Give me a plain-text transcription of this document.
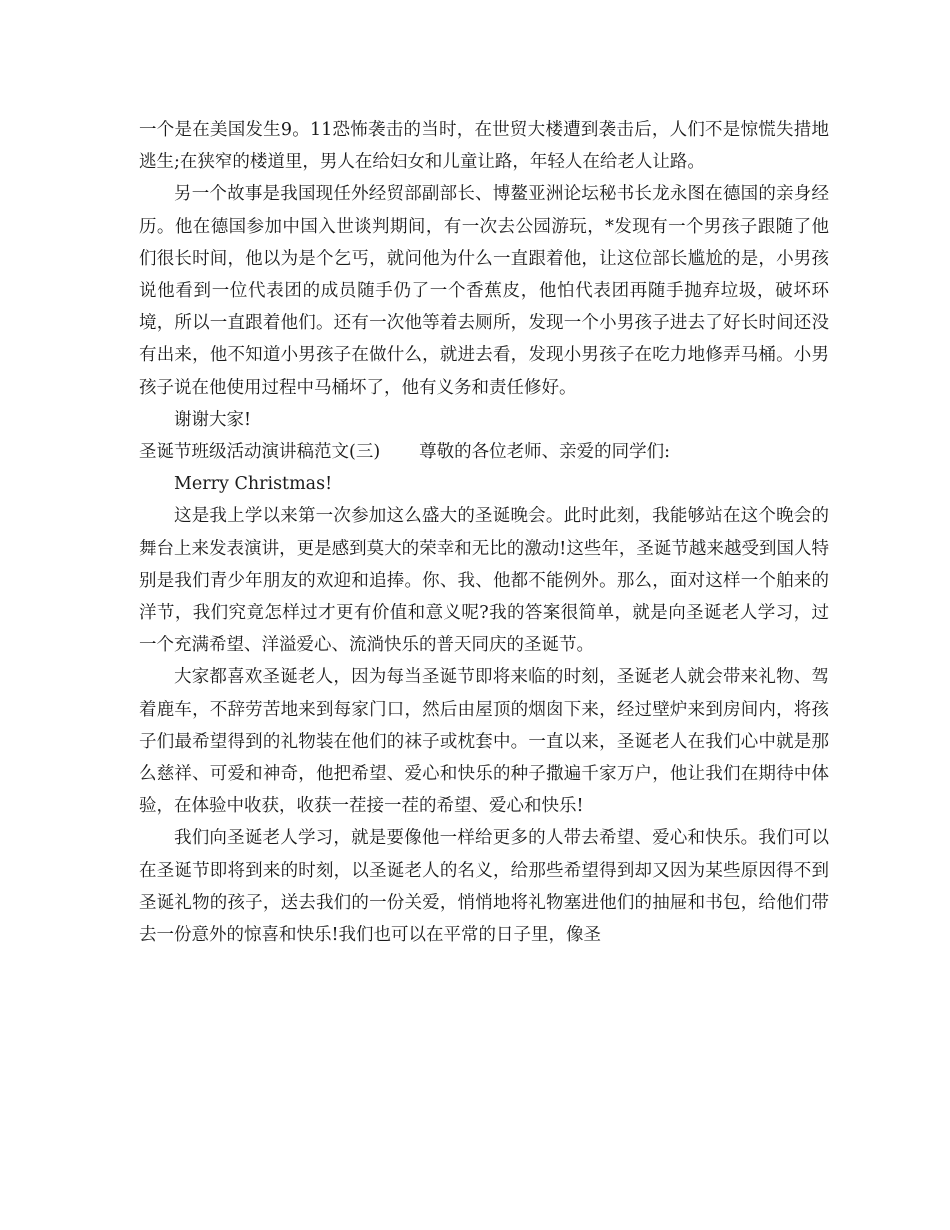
一个是在美国发生9。11恐怖袭击的当时，在世贸大楼遭到袭击后，人们不是惊慌失措地逃生;在狭窄的楼道里，男人在给妇女和儿童让路，年轻人在给老人让路。

另一个故事是我国现任外经贸部副部长、博鳌亚洲论坛秘书长龙永图在德国的亲身经历。他在德国参加中国入世谈判期间，有一次去公园游玩，*发现有一个男孩子跟随了他们很长时间，他以为是个乞丐，就问他为什么一直跟着他，让这位部长尴尬的是，小男孩说他看到一位代表团的成员随手仍了一个香蕉皮，他怕代表团再随手抛弃垃圾，破坏环境，所以一直跟着他们。还有一次他等着去厕所，发现一个小男孩子进去了好长时间还没有出来，他不知道小男孩子在做什么，就进去看，发现小男孩子在吃力地修弄马桶。小男孩子说在他使用过程中马桶坏了，他有义务和责任修好。

谢谢大家!

圣诞节班级活动演讲稿范文(三) 尊敬的各位老师、亲爱的同学们:

Merry Christmas!

这是我上学以来第一次参加这么盛大的圣诞晚会。此时此刻，我能够站在这个晚会的舞台上来发表演讲，更是感到莫大的荣幸和无比的激动!这些年，圣诞节越来越受到国人特别是我们青少年朋友的欢迎和追捧。你、我、他都不能例外。那么，面对这样一个舶来的洋节，我们究竟怎样过才更有价值和意义呢?我的答案很简单，就是向圣诞老人学习，过一个充满希望、洋溢爱心、流淌快乐的普天同庆的圣诞节。

大家都喜欢圣诞老人，因为每当圣诞节即将来临的时刻，圣诞老人就会带来礼物、驾着鹿车，不辞劳苦地来到每家门口，然后由屋顶的烟囱下来，经过壁炉来到房间内，将孩子们最希望得到的礼物装在他们的袜子或枕套中。一直以来，圣诞老人在我们心中就是那么慈祥、可爱和神奇，他把希望、爱心和快乐的种子撒遍千家万户，他让我们在期待中体验，在体验中收获，收获一茬接一茬的希望、爱心和快乐!

我们向圣诞老人学习，就是要像他一样给更多的人带去希望、爱心和快乐。我们可以在圣诞节即将到来的时刻，以圣诞老人的名义，给那些希望得到却又因为某些原因得不到圣诞礼物的孩子，送去我们的一份关爱，悄悄地将礼物塞进他们的抽屉和书包，给他们带去一份意外的惊喜和快乐!我们也可以在平常的日子里，像圣
